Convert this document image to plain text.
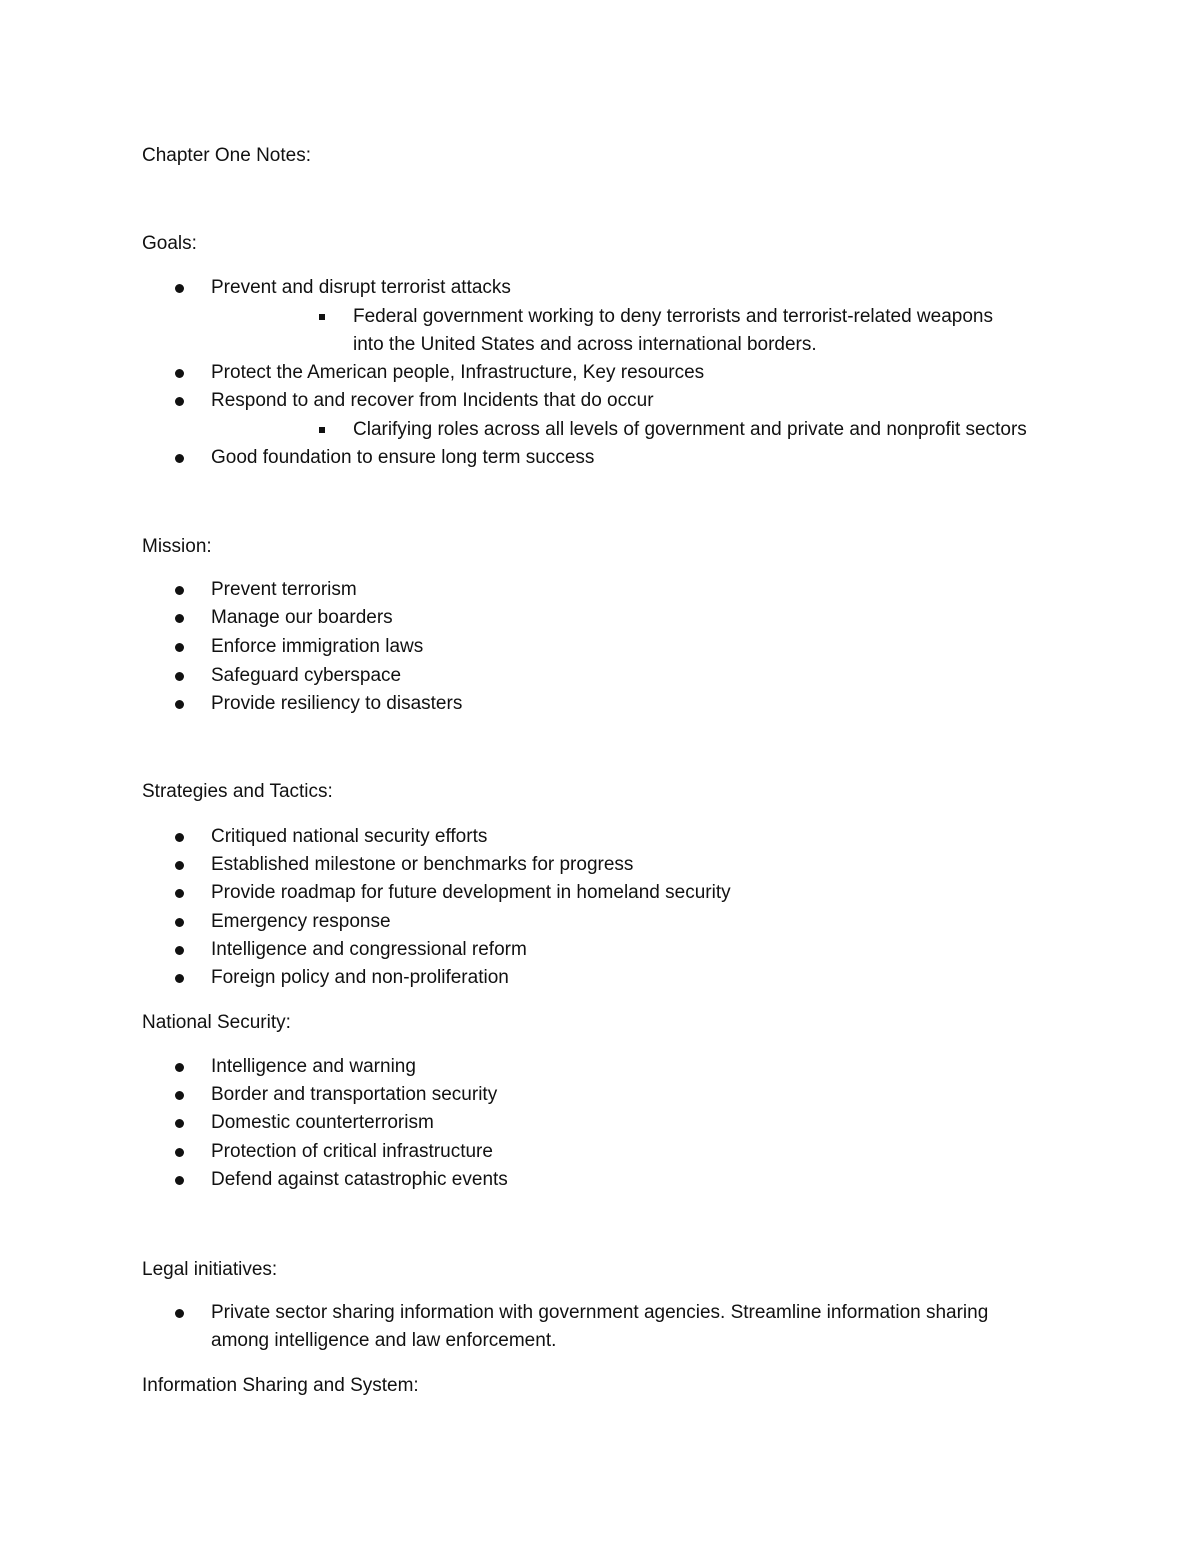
Chapter One Notes:
Goals:
Prevent and disrupt terrorist attacks
Federal government working to deny terrorists and terrorist-related weapons
into the United States and across international borders.
Protect the American people, Infrastructure, Key resources
Respond to and recover from Incidents that do occur
Clarifying roles across all levels of government and private and nonprofit sectors
Good foundation to ensure long term success
Mission:
Prevent terrorism
Manage our boarders
Enforce immigration laws
Safeguard cyberspace
Provide resiliency to disasters
Strategies and Tactics:
Critiqued national security efforts
Established milestone or benchmarks for progress
Provide roadmap for future development in homeland security
Emergency response
Intelligence and congressional reform
Foreign policy and non-proliferation
National Security:
Intelligence and warning
Border and transportation security
Domestic counterterrorism
Protection of critical infrastructure
Defend against catastrophic events
Legal initiatives:
Private sector sharing information with government agencies. Streamline information sharing
among intelligence and law enforcement.
Information Sharing and System:
